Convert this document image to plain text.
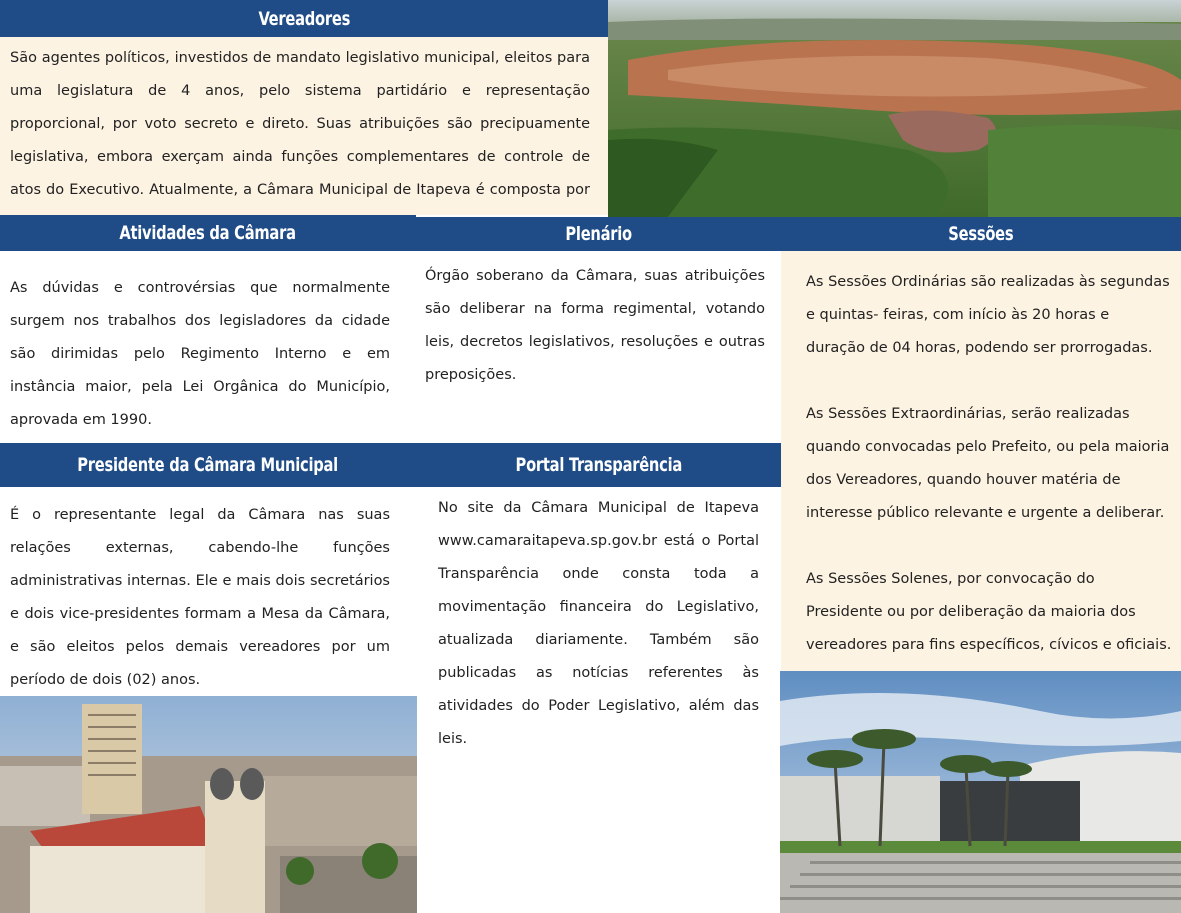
Vereadores
São agentes políticos, investidos de mandato legislativo municipal, eleitos para uma legislatura de 4 anos, pelo sistema partidário e representação proporcional, por voto secreto e direto. Suas atribuições são precipuamente legislativa, embora exerçam ainda funções complementares de controle de atos do Executivo. Atualmente, a Câmara Municipal de Itapeva é composta por
Atividades da Câmara
As dúvidas e controvérsias que normalmente surgem nos trabalhos dos legisladores da cidade são dirimidas pelo Regimento Interno e em instância maior, pela Lei Orgânica do Município, aprovada em 1990.
Plenário
Órgão soberano da Câmara, suas atribuições são deliberar na forma regimental, votando leis, decretos legislativos, resoluções e outras preposições.
Sessões

As Sessões Ordinárias são realizadas às segundas e quintas- feiras, com início às 20 horas e duração de 04 horas, podendo ser prorrogadas.

As Sessões Extraordinárias, serão realizadas quando convocadas pelo Prefeito, ou pela maioria dos Vereadores, quando houver matéria de interesse público relevante e urgente a deliberar.

As Sessões Solenes, por convocação do Presidente ou por deliberação da maioria dos vereadores para fins específicos, cívicos e oficiais.

Presidente da Câmara Municipal
É o representante legal da Câmara nas suas relações externas, cabendo-lhe funções administrativas internas. Ele e mais dois secretários e dois vice-presidentes formam a Mesa da Câmara, e são eleitos pelos demais vereadores por um período de dois (02) anos.
Portal Transparência
No site da Câmara Municipal de Itapeva www.camaraitapeva.sp.gov.br está o Portal Transparência onde consta toda a movimentação financeira do Legislativo, atualizada diariamente. Também são publicadas as notícias referentes às atividades do Poder Legislativo, além das leis.
